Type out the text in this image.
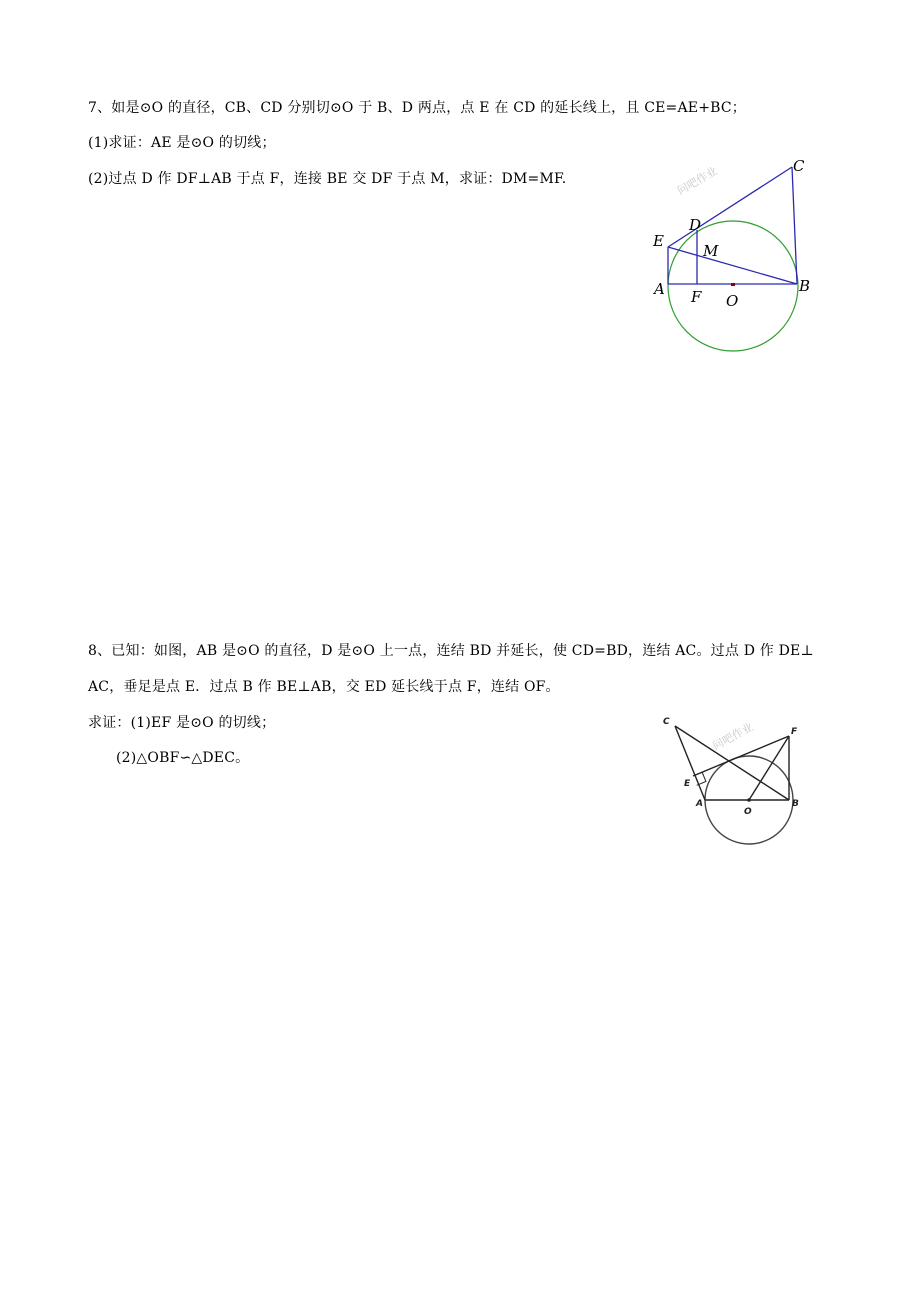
7、如是⊙O 的直径，CB、CD 分别切⊙O 于 B、D 两点，点 E 在 CD 的延长线上，且 CE=AE+BC；
(1)求证：AE 是⊙O 的切线；
(2)过点 D 作 DF⊥AB 于点 F，连接 BE 交 DF 于点 M，求证：DM=MF.	问吧作业	C
D
E
M
A F O
B
8、已知：如图，AB 是⊙O 的直径，D 是⊙O 上一点，连结 BD 并延长，使 CD=BD，连结 AC。过点 D 作 DE⊥
AC，垂足是点 E．过点 B 作 BE⊥AB，交 ED 延长线于点 F，连结 OF。
求证：(1)EF 是⊙O 的切线；
(2)△OBF∽△DEC。
问吧作业
C
F
E
A	B
O
